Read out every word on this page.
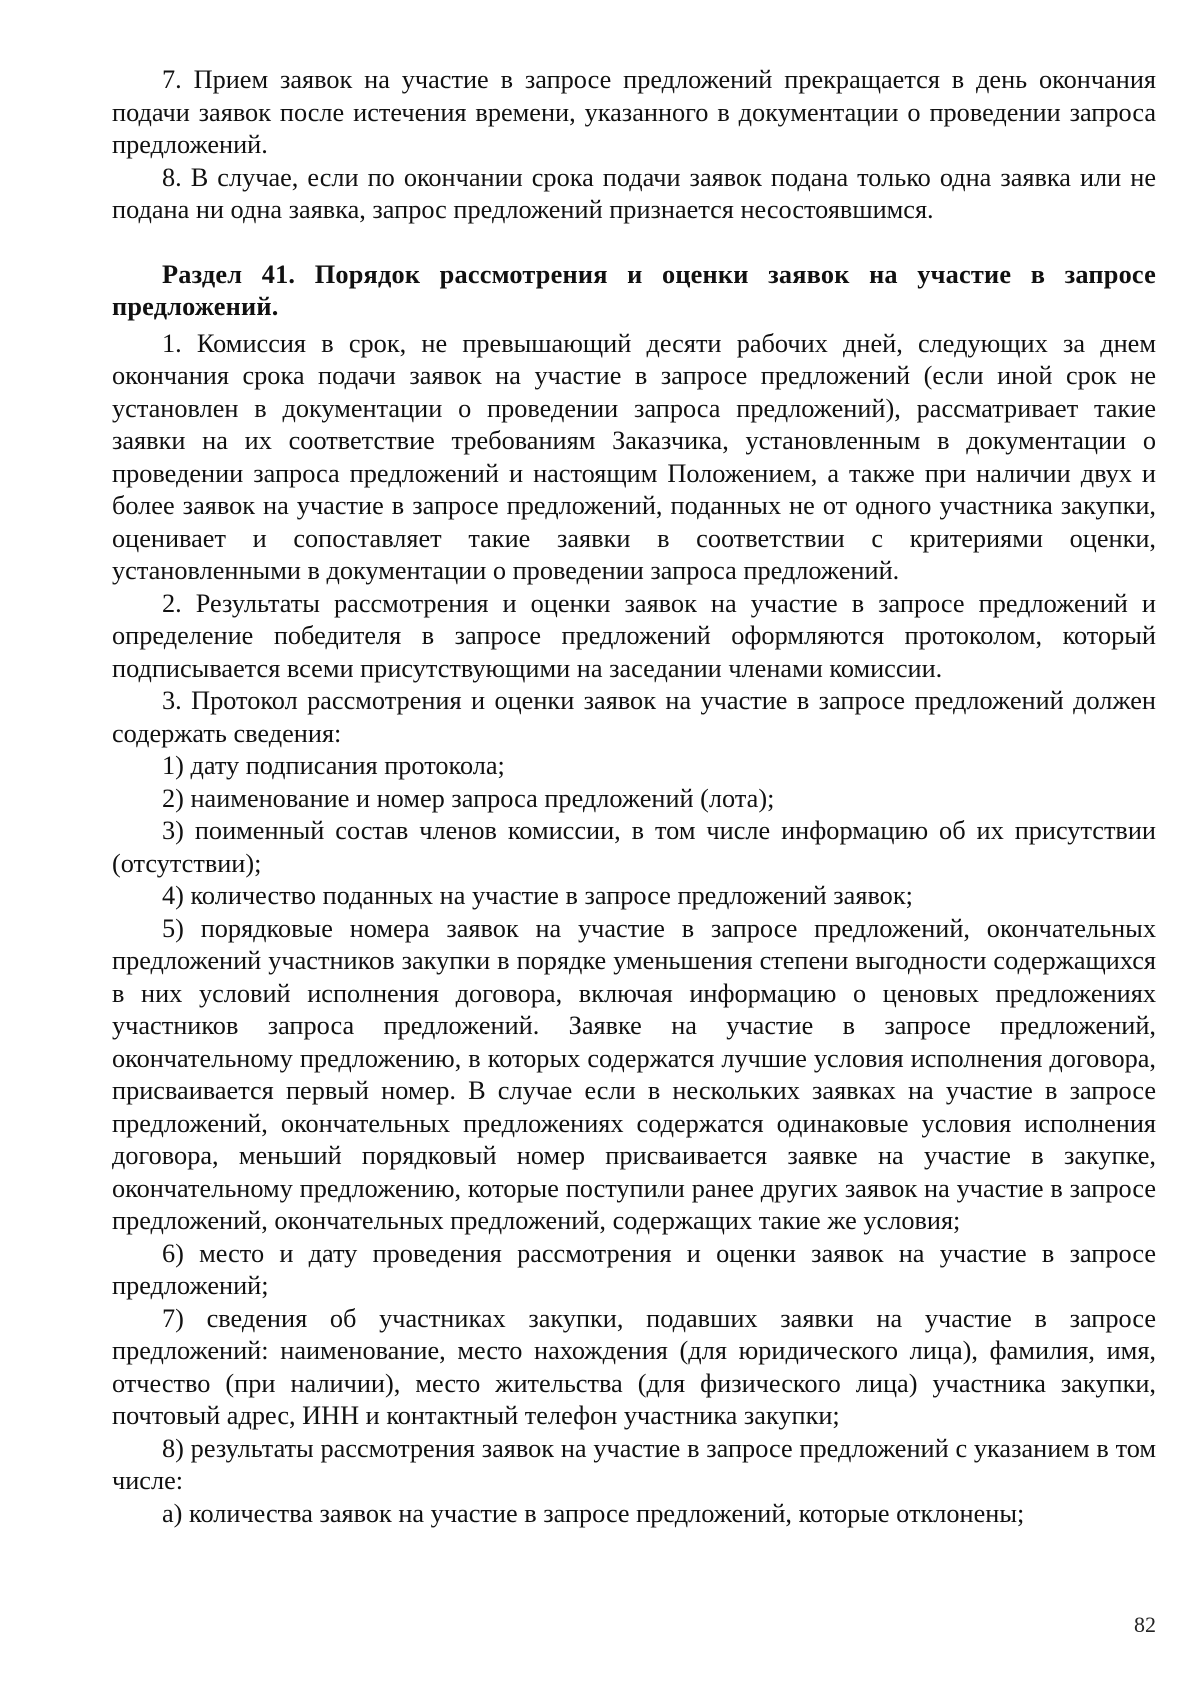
7. Прием заявок на участие в запросе предложений прекращается в день окончания подачи заявок после истечения времени, указанного в документации о проведении запроса предложений.

8. В случае, если по окончании срока подачи заявок подана только одна заявка или не подана ни одна заявка, запрос предложений признается несостоявшимся.

Раздел 41. Порядок рассмотрения и оценки заявок на участие в запросе предложений.

1. Комиссия в срок, не превышающий десяти рабочих дней, следующих за днем окончания срока подачи заявок на участие в запросе предложений (если иной срок не установлен в документации о проведении запроса предложений), рассматривает такие заявки на их соответствие требованиям Заказчика, установленным в документации о проведении запроса предложений и настоящим Положением, а также при наличии двух и более заявок на участие в запросе предложений, поданных не от одного участника закупки, оценивает и сопоставляет такие заявки в соответствии с критериями оценки, установленными в документации о проведении запроса предложений.

2. Результаты рассмотрения и оценки заявок на участие в запросе предложений и определение победителя в запросе предложений оформляются протоколом, который подписывается всеми присутствующими на заседании членами комиссии.

3. Протокол рассмотрения и оценки заявок на участие в запросе предложений должен содержать сведения:

1) дату подписания протокола;

2) наименование и номер запроса предложений (лота);

3) поименный состав членов комиссии, в том числе информацию об их присутствии (отсутствии);

4) количество поданных на участие в запросе предложений заявок;

5) порядковые номера заявок на участие в запросе предложений, окончательных предложений участников закупки в порядке уменьшения степени выгодности содержащихся в них условий исполнения договора, включая информацию о ценовых предложениях участников запроса предложений. Заявке на участие в запросе предложений, окончательному предложению, в которых содержатся лучшие условия исполнения договора, присваивается первый номер. В случае если в нескольких заявках на участие в запросе предложений, окончательных предложениях содержатся одинаковые условия исполнения договора, меньший порядковый номер присваивается заявке на участие в закупке, окончательному предложению, которые поступили ранее других заявок на участие в запросе предложений, окончательных предложений, содержащих такие же условия;

6) место и дату проведения рассмотрения и оценки заявок на участие в запросе предложений;

7) сведения об участниках закупки, подавших заявки на участие в запросе предложений: наименование, место нахождения (для юридического лица), фамилия, имя, отчество (при наличии), место жительства (для физического лица) участника закупки, почтовый адрес, ИНН и контактный телефон участника закупки;

8) результаты рассмотрения заявок на участие в запросе предложений с указанием в том числе:

а) количества заявок на участие в запросе предложений, которые отклонены;

82
